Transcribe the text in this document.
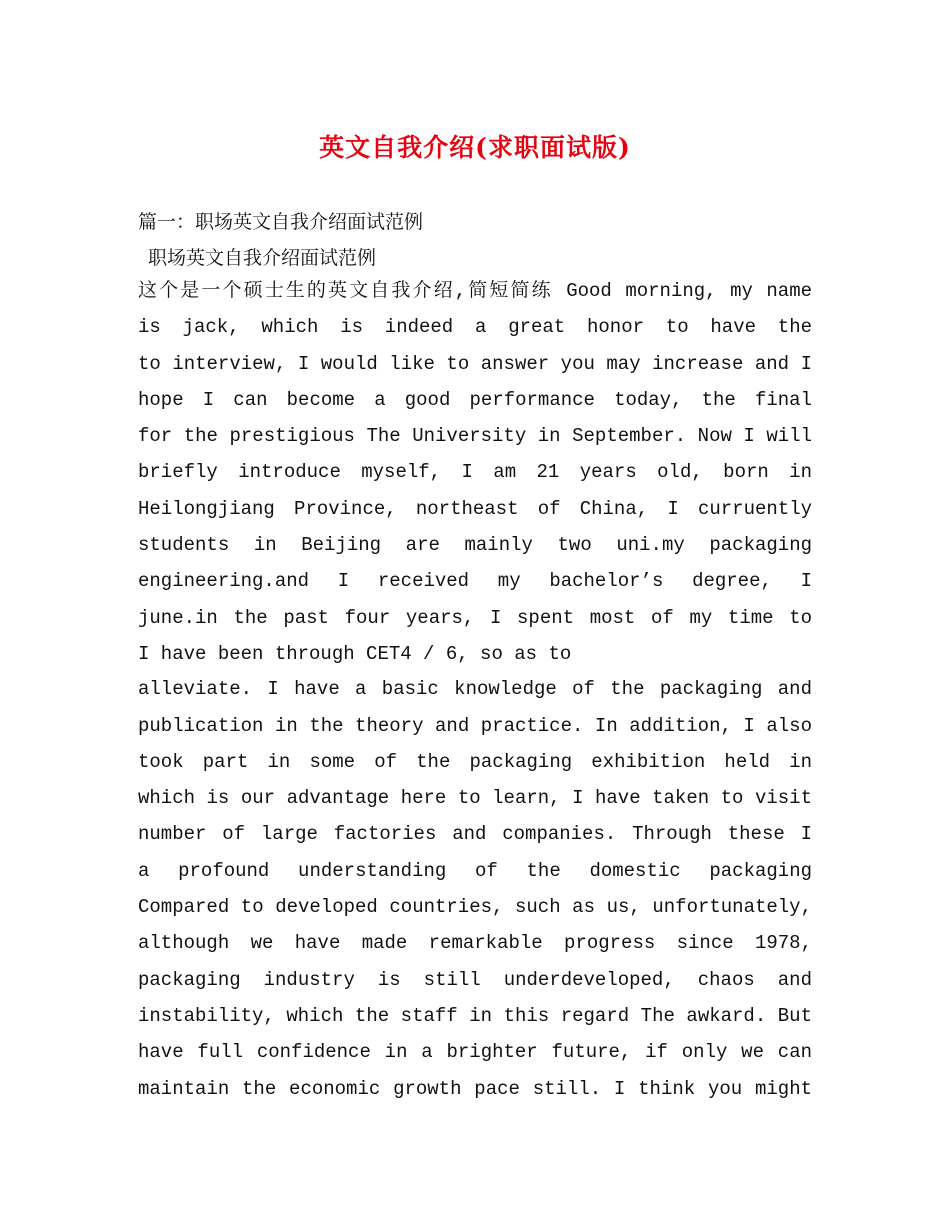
英文自我介绍(求职面试版)
篇一：职场英文自我介绍面试范例
职场英文自我介绍面试范例
这个是一个硕士生的英文自我介绍,简短简练 Good morning, my name
is jack, which is indeed a great honor to have the
to interview, I would like to answer you may increase and I
hope I can become a good performance today, the final
for the prestigious The University in September. Now I will
briefly introduce myself, I am 21 years old, born in
Heilongjiang Province, northeast of China, I curruently
students in Beijing are mainly two uni.my packaging
engineering.and I received my bachelor’s degree, I
june.in the past four years, I spent most of my time to
I have been through CET4 / 6, so as to
alleviate. I have a basic knowledge of the packaging and
publication in the theory and practice. In addition, I also
took part in some of the packaging exhibition held in
which is our advantage here to learn, I have taken to visit
number of large factories and companies. Through these I
a profound understanding of the domestic packaging
Compared to developed countries, such as us, unfortunately,
although we have made remarkable progress since 1978,
packaging industry is still underdeveloped, chaos and
instability, which the staff in this regard The awkard. But
have full confidence in a brighter future, if only we can
maintain the economic growth pace still. I think you might
